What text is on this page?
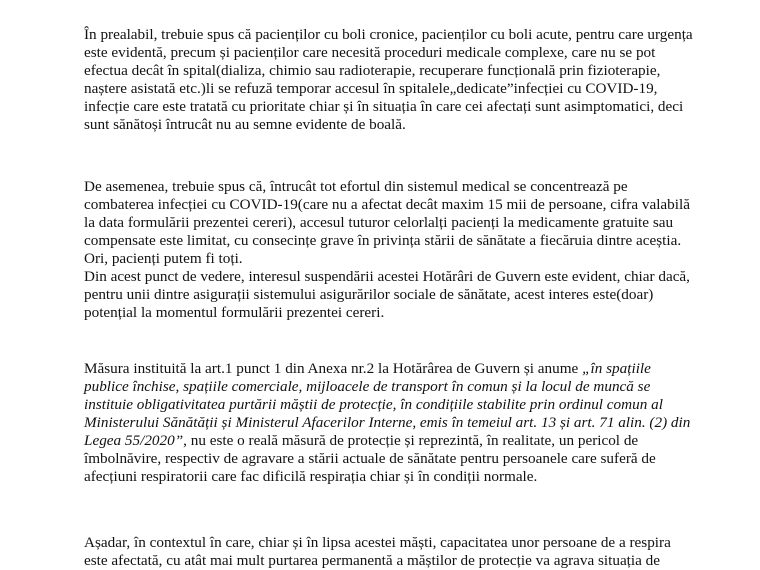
În prealabil, trebuie spus că pacienților cu boli cronice, pacienților cu boli acute, pentru care urgența
este evidentă, precum și pacienților care necesită proceduri medicale complexe, care nu se pot
efectua decât în spital(dializa, chimio sau radioterapie, recuperare funcțională prin fizioterapie,
naștere asistată etc.)li se refuză temporar accesul în spitalele„dedicate”infecției cu COVID-19,
infecție care este tratată cu prioritate chiar și în situația în care cei afectați sunt asimptomatici, deci
sunt sănătoși întrucât nu au semne evidente de boală.

De asemenea, trebuie spus că, întrucât tot efortul din sistemul medical se concentrează pe
combaterea infecției cu COVID-19(care nu a afectat decât maxim 15 mii de persoane, cifra valabilă
la data formulării prezentei cereri), accesul tuturor celorlalți pacienți la medicamente gratuite sau
compensate este limitat, cu consecințe grave în privința stării de sănătate a fiecăruia dintre aceștia.
Ori, pacienți putem fi toți.
Din acest punct de vedere, interesul suspendării acestei Hotărâri de Guvern este evident, chiar dacă,
pentru unii dintre asigurații sistemului asigurărilor sociale de sănătate, acest interes este(doar)
potențial la momentul formulării prezentei cereri.

Măsura instituită la art.1 punct 1 din Anexa nr.2 la Hotărârea de Guvern și anume „în spațiile
publice închise, spațiile comerciale, mijloacele de transport în comun și la locul de muncă se
instituie obligativitatea purtării măștii de protecție, în condițiile stabilite prin ordinul comun al
Ministerului Sănătății și Ministerul Afacerilor Interne, emis în temeiul art. 13 și art. 71 alin. (2) din
Legea 55/2020”, nu este o reală măsură de protecție și reprezintă, în realitate, un pericol de
îmbolnăvire, respectiv de agravare a stării actuale de sănătate pentru persoanele care suferă de
afecțiuni respiratorii care fac dificilă respirația chiar și în condiții normale.

Așadar, în contextul în care, chiar și în lipsa acestei măști, capacitatea unor persoane de a respira
este afectată, cu atât mai mult purtarea permanentă a măștilor de protecție va agrava situația de
